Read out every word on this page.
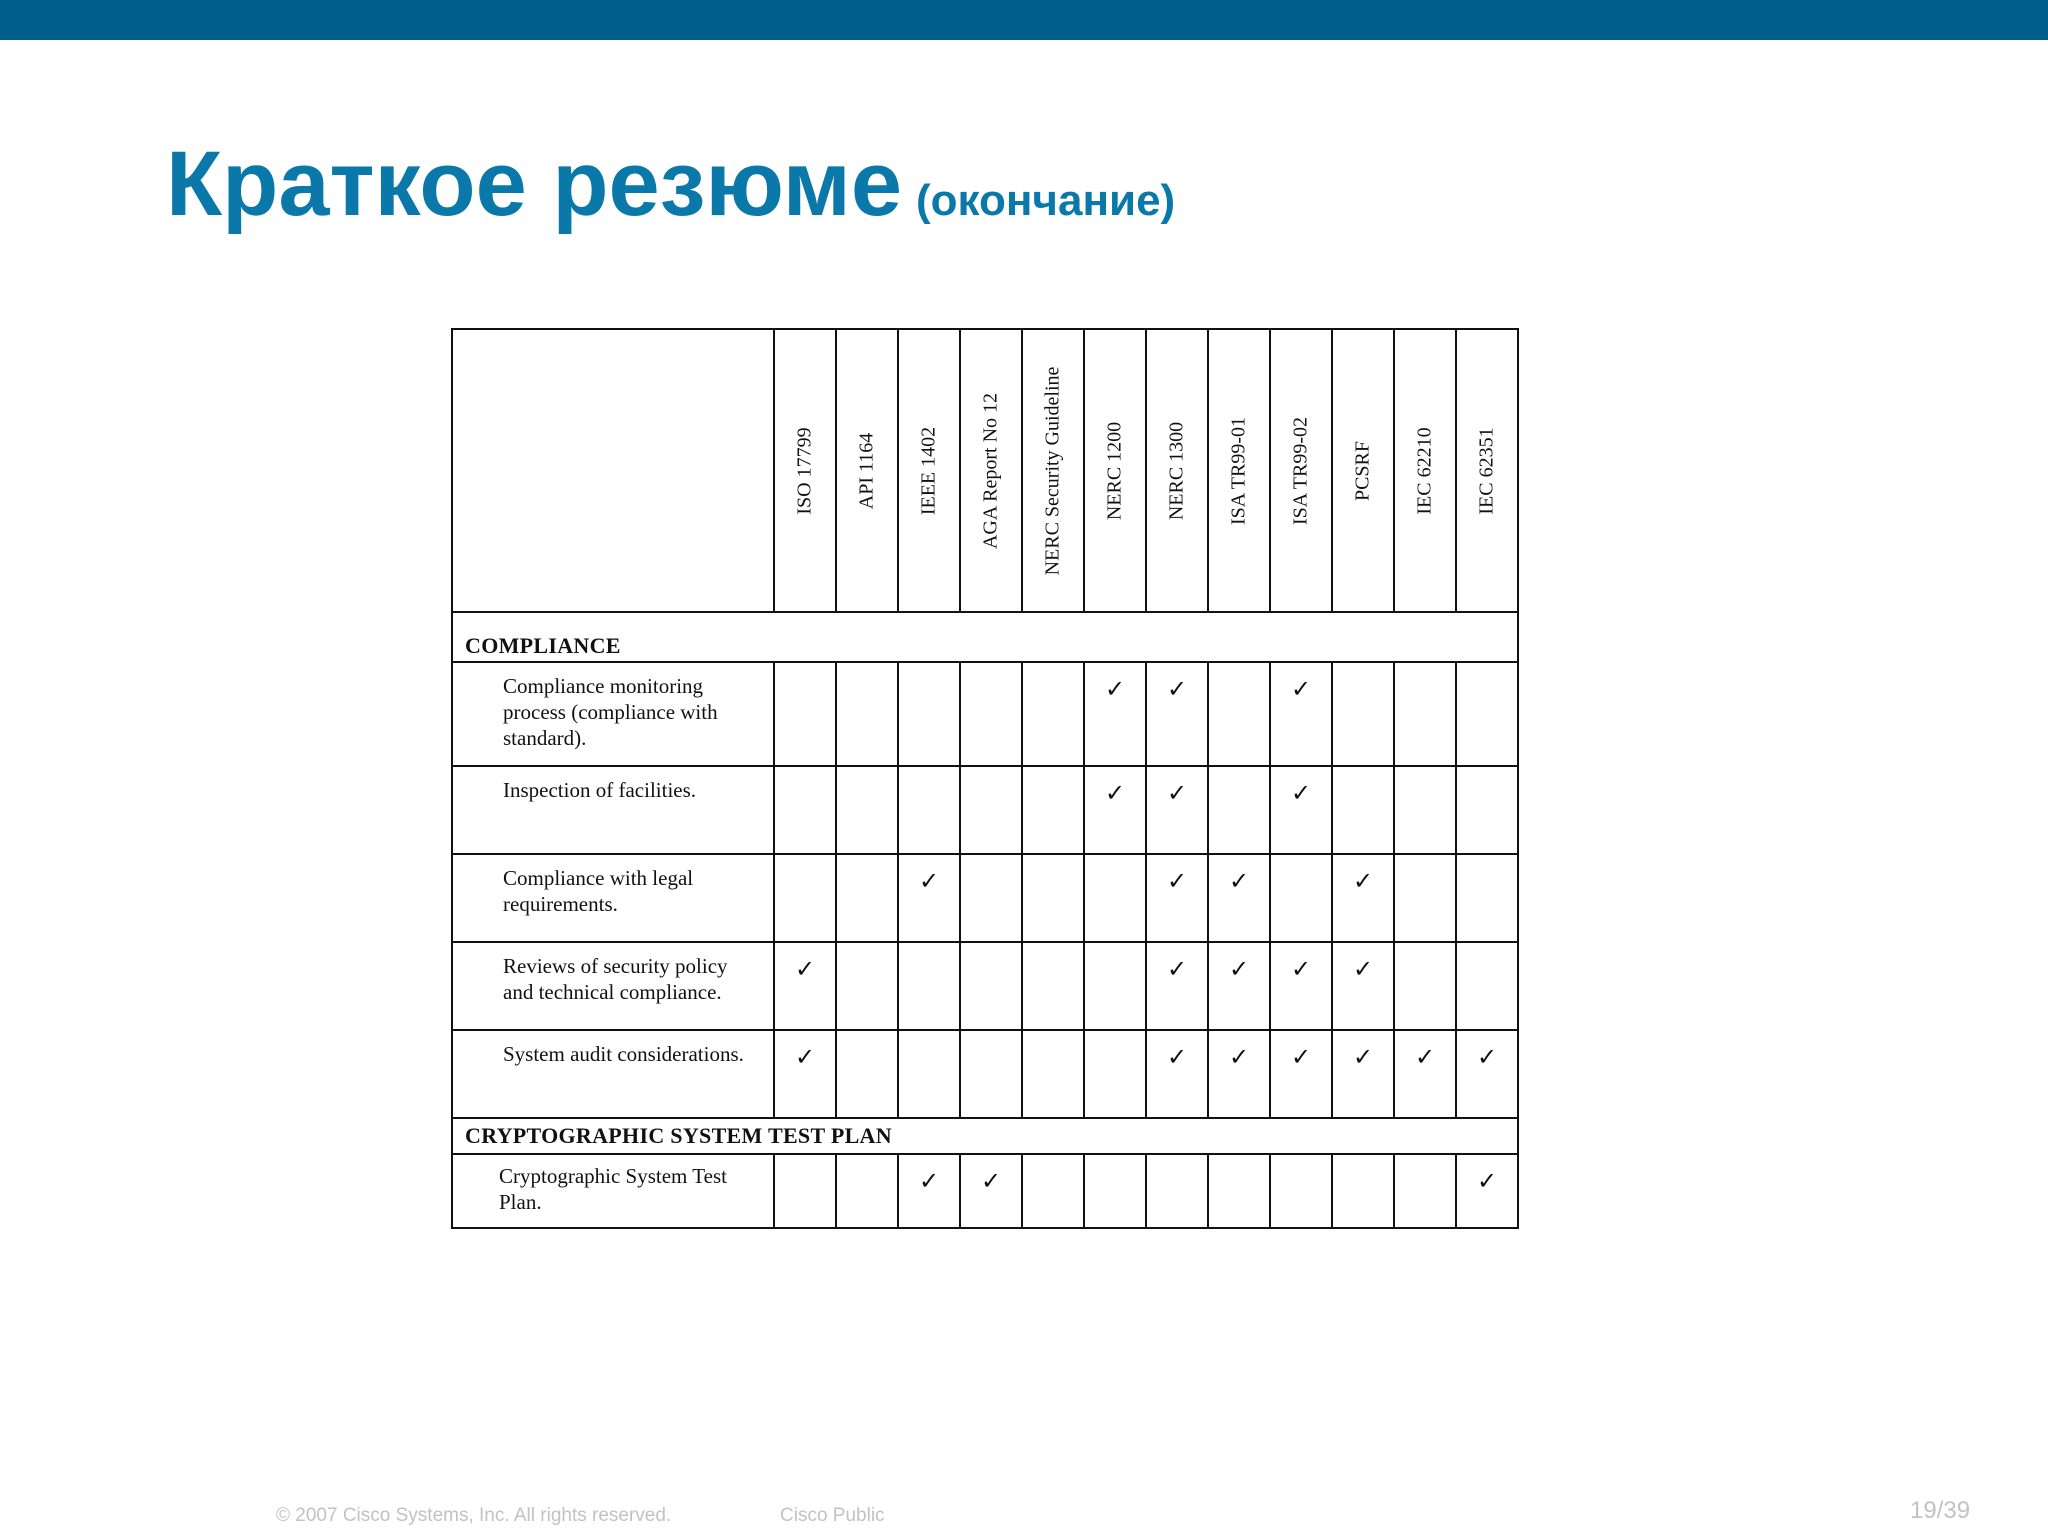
Краткое резюме (окончание)

	ISO 17799	API 1164	IEEE 1402	AGA Report No 12	NERC Security Guideline	NERC 1200	NERC 1300	ISA TR99-01	ISA TR99-02	PCSRF	IEC 62210	IEC 62351

COMPLIANCE												
Compliance monitoring process (compliance with standard).						✓	✓		✓			
Inspection of facilities.						✓	✓		✓			
Compliance with legal requirements.			✓				✓	✓		✓		
Reviews of security policy and technical compliance.	✓						✓	✓	✓	✓		
System audit considerations.	✓						✓	✓	✓	✓	✓	✓
CRYPTOGRAPHIC SYSTEM TEST PLAN												
Cryptographic System Test Plan.			✓	✓								✓
© 2007 Cisco Systems, Inc. All rights reserved.	Cisco Public	19/39
